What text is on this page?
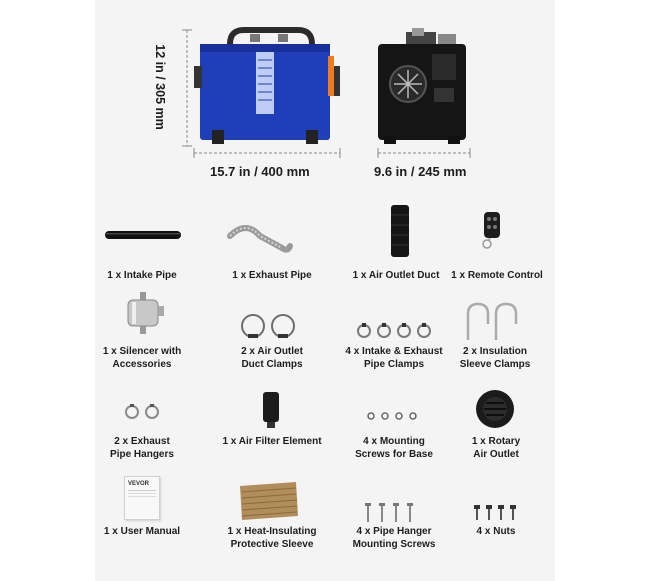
12 in / 305 mm
15.7 in / 400 mm	9.6 in / 245 mm
1 x Intake Pipe	1 x Exhaust Pipe	1 x Air Outlet Duct	1 x Remote Control
1 x Silencer with
Accessories
2 x Air Outlet
Duct Clamps
4 x Intake & Exhaust
Pipe Clamps
2 x Insulation
Sleeve Clamps
2 x Exhaust
Pipe Hangers
1 x Air Filter Element	4 x Mounting
Screws for Base
1 x Rotary
Air Outlet
VEVOR
1 x User Manual	1 x Heat-Insulating
Protective Sleeve
4 x Pipe Hanger
Mounting Screws
4 x Nuts
